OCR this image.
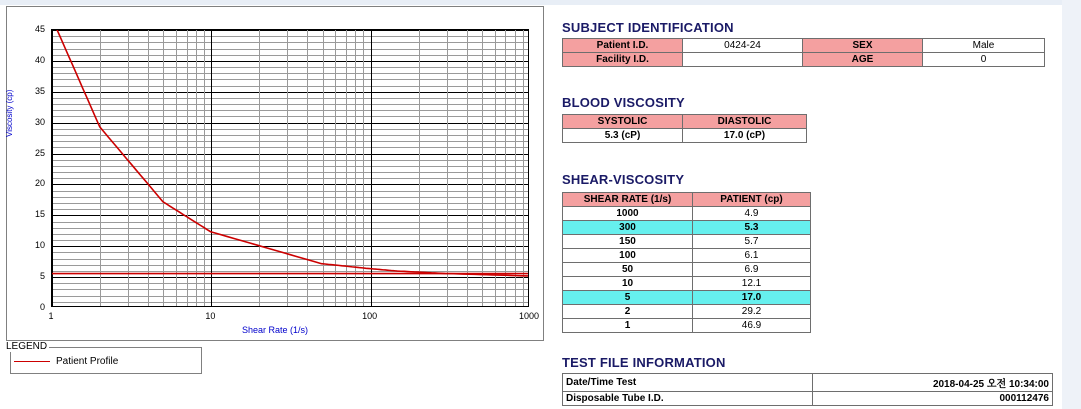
Viscosity (cp)
0
5
10
15
20
25
30
35
40
45
1	10	100	1000
Shear Rate (1/s)
LEGEND
Patient Profile
SUBJECT IDENTIFICATION
Patient I.D.	0424-24	SEX	Male
Facility I.D.		AGE	0
BLOOD VISCOSITY
SYSTOLIC	DIASTOLIC
5.3 (cP)	17.0 (cP)
SHEAR-VISCOSITY
SHEAR RATE (1/s)	PATIENT (cp)
1000	4.9
300	5.3
150	5.7
100	6.1
50	6.9
10	12.1
5	17.0
2	29.2
1	46.9
TEST FILE INFORMATION
Date/Time Test	2018-04-25 오전 10:34:00
Disposable Tube I.D.	000112476
